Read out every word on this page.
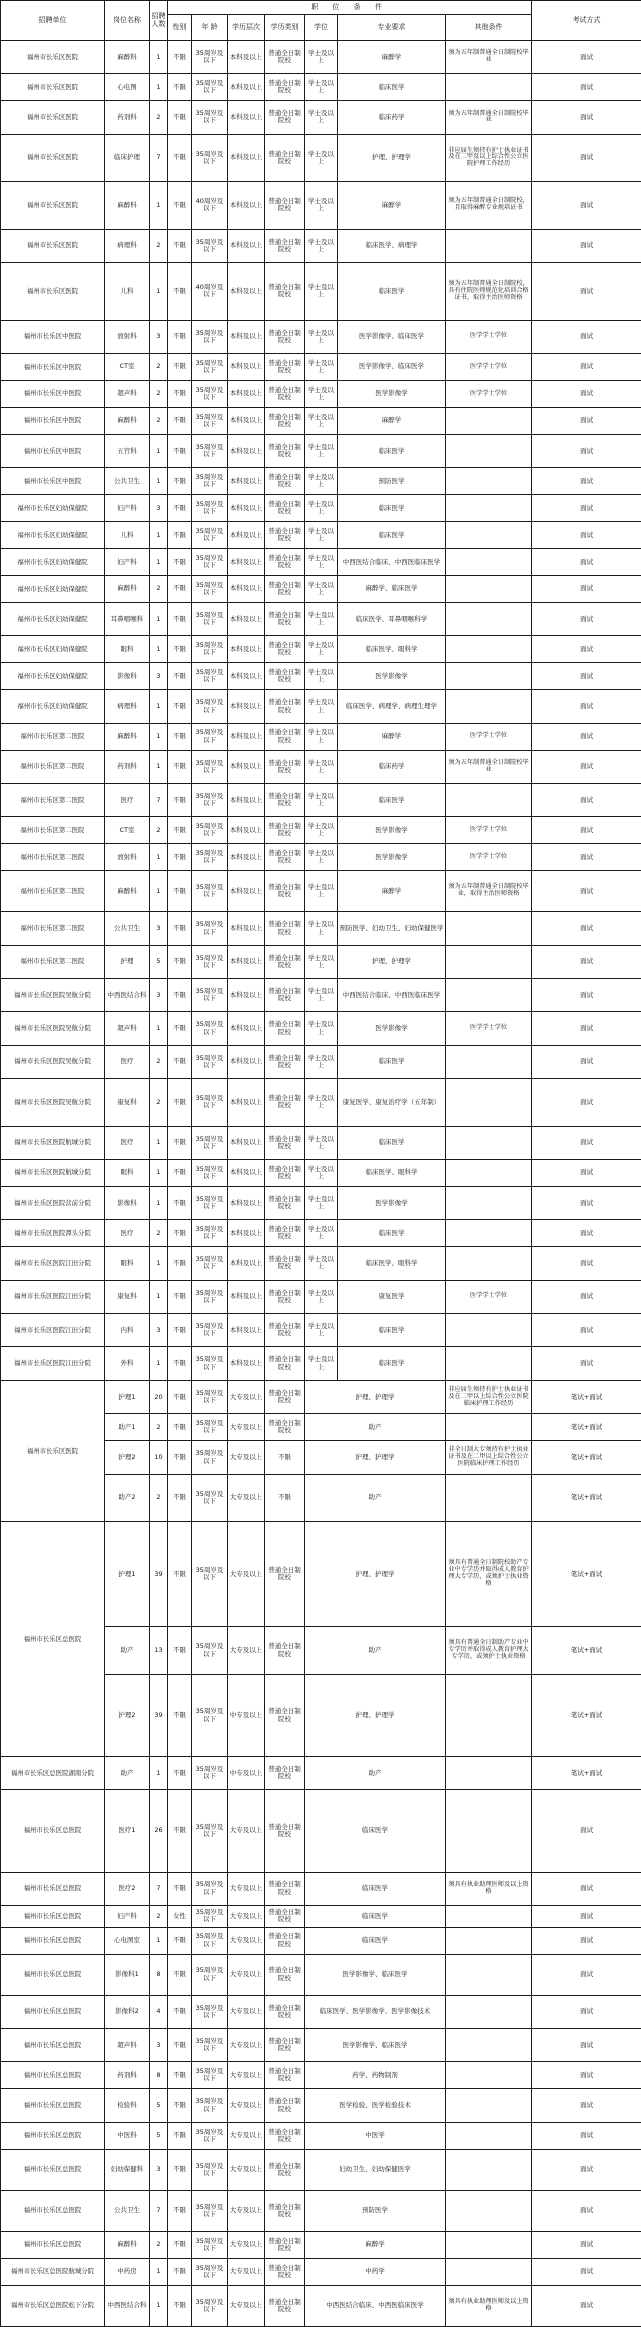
招聘单位	岗位名称	招聘人数	职 位 条 件							考试方式
			性别	年 龄	学历层次	学历类别	学位	专业要求	其他条件	
福州市长乐区医院	麻醉科	1	不限	35周岁及以下	本科及以上	普通全日制院校	学士及以上	麻醉学	须为五年制普通全日制院校毕业	面试
福州市长乐区医院	心电图	1	不限	35周岁及以下	本科及以上	普通全日制院校	学士及以上	临床医学		面试
福州市长乐区医院	药剂科	2	不限	35周岁及以下	本科及以上	普通全日制院校	学士及以上	临床药学	须为五年制普通全日制院校毕业	面试
福州市长乐区医院	临床护理	7	不限	35周岁及以下	本科及以上	普通全日制院校	学士及以上	护理、护理学	非应届生须持有护士执业证书及在二甲及以上综合性公立医院护理工作经历	面试
福州市长乐区医院	麻醉科	1	不限	40周岁及以下	本科及以上	普通全日制院校	学士及以上	麻醉学	须为五年制普通全日制院校，且取得麻醉专业规培证书	面试
福州市长乐区医院	病理科	2	不限	35周岁及以下	本科及以上	普通全日制院校	学士及以上	临床医学、病理学		面试
福州市长乐区医院	儿科	1	不限	40周岁及以下	本科及以上	普通全日制院校	学士及以上	临床医学	须为五年制普通全日制院校，具有住院医师规范化培训合格证书，取得主治医师资格	面试
福州市长乐区中医院	放射科	3	不限	35周岁及以下	本科及以上	普通全日制院校	学士及以上	医学影像学、临床医学	医学学士学位	面试
福州市长乐区中医院	CT室	2	不限	35周岁及以下	本科及以上	普通全日制院校	学士及以上	医学影像学、临床医学	医学学士学位	面试
福州市长乐区中医院	超声科	2	不限	35周岁及以下	本科及以上	普通全日制院校	学士及以上	医学影像学	医学学士学位	面试
福州市长乐区中医院	麻醉科	2	不限	35周岁及以下	本科及以上	普通全日制院校	学士及以上	麻醉学		面试
福州市长乐区中医院	五官科	1	不限	35周岁及以下	本科及以上	普通全日制院校	学士及以上	临床医学		面试
福州市长乐区中医院	公共卫生	1	不限	35周岁及以下	本科及以上	普通全日制院校	学士及以上	预防医学		面试
福州市长乐区妇幼保健院	妇产科	3	不限	35周岁及以下	本科及以上	普通全日制院校	学士及以上	临床医学		面试
福州市长乐区妇幼保健院	儿科	1	不限	35周岁及以下	本科及以上	普通全日制院校	学士及以上	临床医学		面试
福州市长乐区妇幼保健院	妇产科	1	不限	35周岁及以下	本科及以上	普通全日制院校	学士及以上	中西医结合临床、中西医临床医学		面试
福州市长乐区妇幼保健院	麻醉科	2	不限	35周岁及以下	本科及以上	普通全日制院校	学士及以上	麻醉学、临床医学		面试
福州市长乐区妇幼保健院	耳鼻咽喉科	1	不限	35周岁及以下	本科及以上	普通全日制院校	学士及以上	临床医学、耳鼻咽喉科学		面试
福州市长乐区妇幼保健院	眼科	1	不限	35周岁及以下	本科及以上	普通全日制院校	学士及以上	临床医学、眼科学		面试
福州市长乐区妇幼保健院	影像科	3	不限	35周岁及以下	本科及以上	普通全日制院校	学士及以上	医学影像学		面试
福州市长乐区妇幼保健院	病理科	1	不限	35周岁及以下	本科及以上	普通全日制院校	学士及以上	临床医学、病理学、病理生理学		面试
福州市长乐区第二医院	麻醉科	1	不限	35周岁及以下	本科及以上	普通全日制院校	学士及以上	麻醉学	医学学士学位	面试
福州市长乐区第二医院	药剂科	1	不限	35周岁及以下	本科及以上	普通全日制院校	学士及以上	临床药学	须为五年制普通全日制院校毕业	面试
福州市长乐区第二医院	医疗	7	不限	35周岁及以下	本科及以上	普通全日制院校	学士及以上	临床医学		面试
福州市长乐区第二医院	CT室	2	不限	35周岁及以下	本科及以上	普通全日制院校	学士及以上	医学影像学	医学学士学位	面试
福州市长乐区第二医院	放射科	1	不限	35周岁及以下	本科及以上	普通全日制院校	学士及以上	医学影像学	医学学士学位	面试
福州市长乐区第二医院	麻醉科	1	不限	35周岁及以下	本科及以上	普通全日制院校	学士及以上	麻醉学	须为五年制普通全日制院校毕业，取得主治医师资格	面试
福州市长乐区第二医院	公共卫生	3	不限	35周岁及以下	本科及以上	普通全日制院校	学士及以上	预防医学、妇幼卫生、妇幼保健医学		面试
福州市长乐区第二医院	护理	5	不限	35周岁及以下	本科及以上	普通全日制院校	学士及以上	护理、护理学		面试
福州市长乐区医院吴航分院	中西医结合科	3	不限	35周岁及以下	本科及以上	普通全日制院校	学士及以上	中西医结合临床、中西医临床医学		面试
福州市长乐区医院吴航分院	超声科	1	不限	35周岁及以下	本科及以上	普通全日制院校	学士及以上	医学影像学	医学学士学位	面试
福州市长乐区医院吴航分院	医疗	2	不限	35周岁及以下	本科及以上	普通全日制院校	学士及以上	临床医学		面试
福州市长乐区医院吴航分院	康复科	2	不限	35周岁及以下	本科及以上	普通全日制院校	学士及以上	康复医学、康复治疗学（五年制）		面试
福州市长乐区医院航城分院	医疗	1	不限	35周岁及以下	本科及以上	普通全日制院校	学士及以上	临床医学		面试
福州市长乐区医院航城分院	眼科	1	不限	35周岁及以下	本科及以上	普通全日制院校	学士及以上	临床医学、眼科学		面试
福州市长乐区医院营前分院	影像科	1	不限	35周岁及以下	本科及以上	普通全日制院校	学士及以上	医学影像学		面试
福州市长乐区医院潭头分院	医疗	2	不限	35周岁及以下	本科及以上	普通全日制院校	学士及以上	临床医学		面试
福州市长乐区医院江田分院	眼科	1	不限	35周岁及以下	本科及以上	普通全日制院校	学士及以上	临床医学、眼科学		面试
福州市长乐区医院江田分院	康复科	1	不限	35周岁及以下	本科及以上	普通全日制院校	学士及以上	康复医学	医学学士学位	面试
福州市长乐区医院江田分院	内科	3	不限	35周岁及以下	本科及以上	普通全日制院校	学士及以上	临床医学		面试
福州市长乐区医院江田分院	外科	1	不限	35周岁及以下	本科及以上	普通全日制院校	学士及以上	临床医学		面试
福州市长乐区医院	护理1	20	不限	35周岁及以下	大专及以上	普通全日制院校	护理、护理学		非应届生须持有护士执业证书及在二甲以上综合性公立医院临床护理工作经历	笔试+面试
	助产1	2	不限	35周岁及以下	大专及以上	普通全日制院校	助产			笔试+面试
	护理2	10	不限	35周岁及以下	大专及以上	不限	护理、护理学		非全日制大专须持有护士执业证书及在二甲以上综合性公立医院临床护理工作经历	笔试+面试
	助产2	2	不限	35周岁及以下	大专及以上	不限	助产			笔试+面试
福州市长乐区总医院	护理1	39	不限	35周岁及以下	大专及以上	普通全日制院校	护理、护理学		须具有普通全日制院校助产专业中专学历并取得成人教育护理大专学历，或须护士执业资格	笔试+面试
	助产	13	不限	35周岁及以下	大专及以上	普通全日制院校	助产		须具有普通全日制助产专业中专学历并取得成人教育护理大专学历，或须护士执业资格	笔试+面试
	护理2	39	不限	35周岁及以下	中专及以上	普通全日制院校	护理、护理学			笔试+面试
福州市长乐区总医院湖南分院	助产	1	不限	35周岁及以下	中专及以上	普通全日制院校	助产			笔试+面试
福州市长乐区总医院	医疗1	26	不限	35周岁及以下	大专及以上	普通全日制院校	临床医学			面试
福州市长乐区总医院	医疗2	7	不限	35周岁及以下	大专及以上	普通全日制院校	临床医学		须具有执业助理医师及以上资格	面试
福州市长乐区总医院	妇产科	2	女性	35周岁及以下	大专及以上	普通全日制院校	临床医学			面试
福州市长乐区总医院	心电图室	1	不限	35周岁及以下	大专及以上	普通全日制院校	临床医学			面试
福州市长乐区总医院	影像科1	8	不限	35周岁及以下	大专及以上	普通全日制院校	医学影像学、临床医学			面试
福州市长乐区总医院	影像科2	4	不限	35周岁及以下	大专及以上	普通全日制院校	临床医学、医学影像学、医学影像技术			面试
福州市长乐区总医院	超声科	3	不限	35周岁及以下	大专及以上	普通全日制院校	医学影像学、临床医学			面试
福州市长乐区总医院	药剂科	8	不限	35周岁及以下	大专及以上	普通全日制院校	药学、药物制剂			面试
福州市长乐区总医院	检验科	5	不限	35周岁及以下	大专及以上	普通全日制院校	医学检验、医学检验技术			面试
福州市长乐区总医院	中医科	5	不限	35周岁及以下	大专及以上	普通全日制院校	中医学			面试
福州市长乐区总医院	妇幼保健科	3	不限	35周岁及以下	大专及以上	普通全日制院校	妇幼卫生、妇幼保健医学			面试
福州市长乐区总医院	公共卫生	7	不限	35周岁及以下	大专及以上	普通全日制院校	预防医学			面试
福州市长乐区总医院	麻醉科	2	不限	35周岁及以下	大专及以上	普通全日制院校	麻醉学			面试
福州市长乐区总医院航城分院	中药房	1	不限	35周岁及以下	大专及以上	普通全日制院校	中药学			面试
福州市长乐区总医院松下分院	中西医结合科	1	不限	35周岁及以下	大专及以上	普通全日制院校	中西医结合临床、中西医临床医学		须具有执业助理医师及以上资格	面试
